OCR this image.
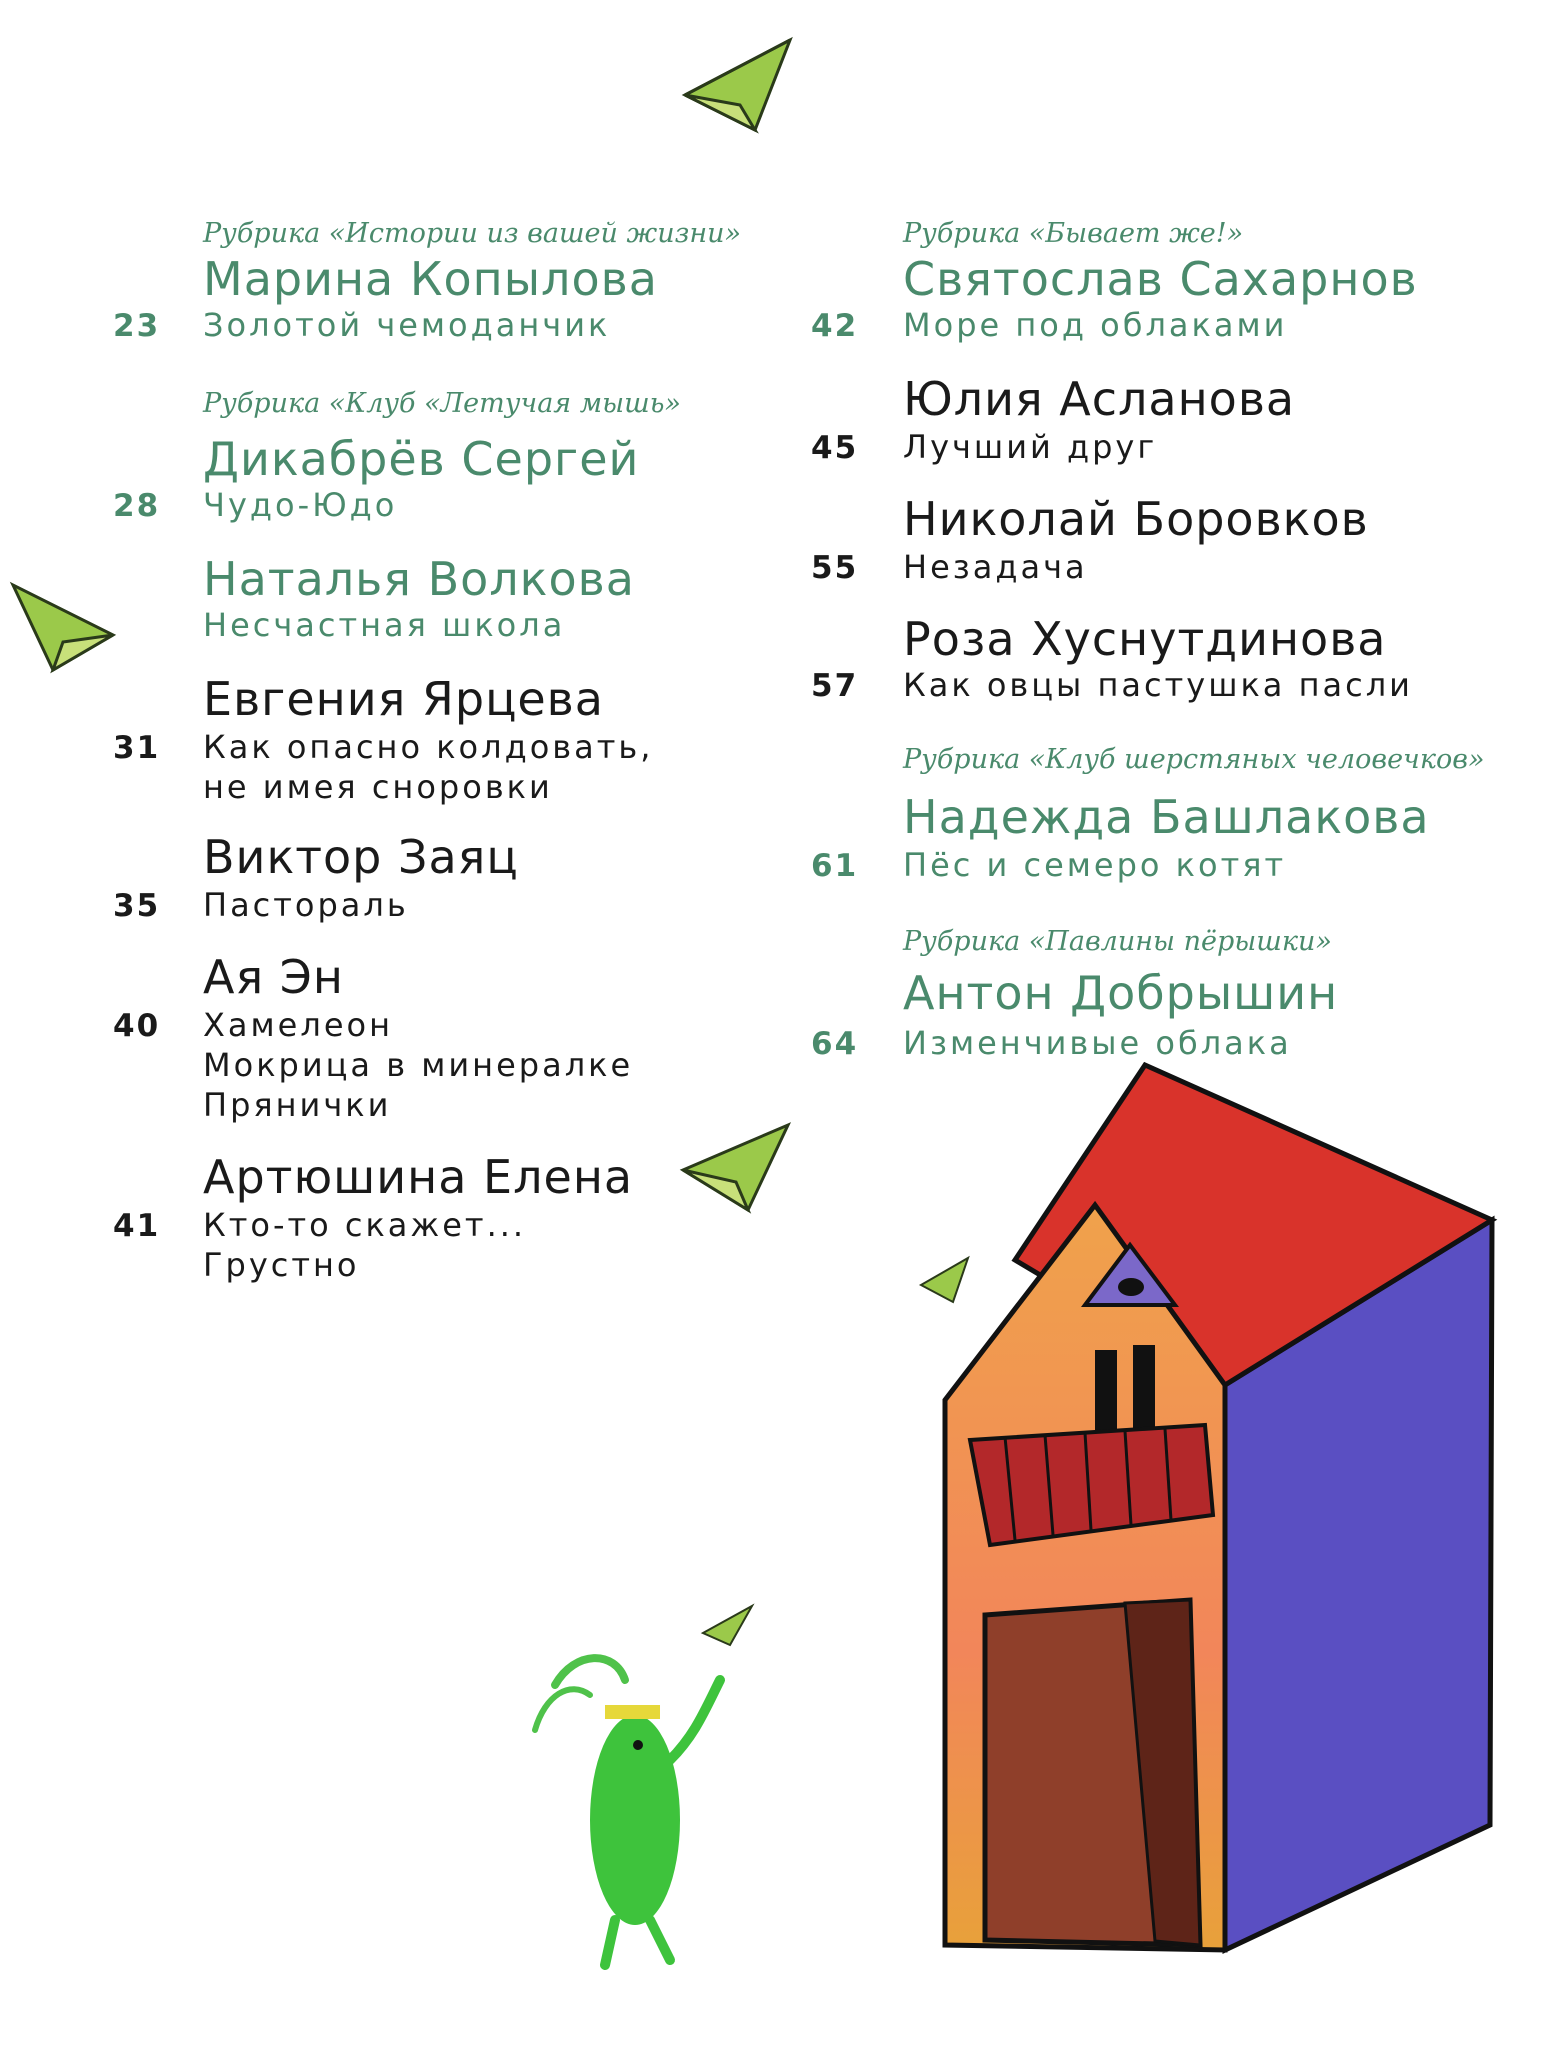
Рубрика «Истории из вашей жизни»
Марина Копылова
23 Золотой чемоданчик
Рубрика «Клуб «Летучая мышь»
Дикабрёв Сергей
28 Чудо-Юдо
Наталья Волкова
Несчастная школа
Евгения Ярцева
31 Как опасно колдовать,
не имея сноровки
Виктор Заяц
35 Пастораль
Ая Эн
40 Хамелеон
Мокрица в минералке
Прянички
Артюшина Елена
41 Кто-то скажет...
Грустно
Рубрика «Бывает же!»
Святослав Сахарнов
42 Море под облаками
Юлия Асланова
45 Лучший друг
Николай Боровков
55 Незадача
Роза Хуснутдинова
57 Как овцы пастушка пасли
Рубрика «Клуб шерстяных человечков»
Надежда Башлакова
61 Пёс и семеро котят
Рубрика «Павлины пёрышки»
Антон Добрышин
64 Изменчивые облака
